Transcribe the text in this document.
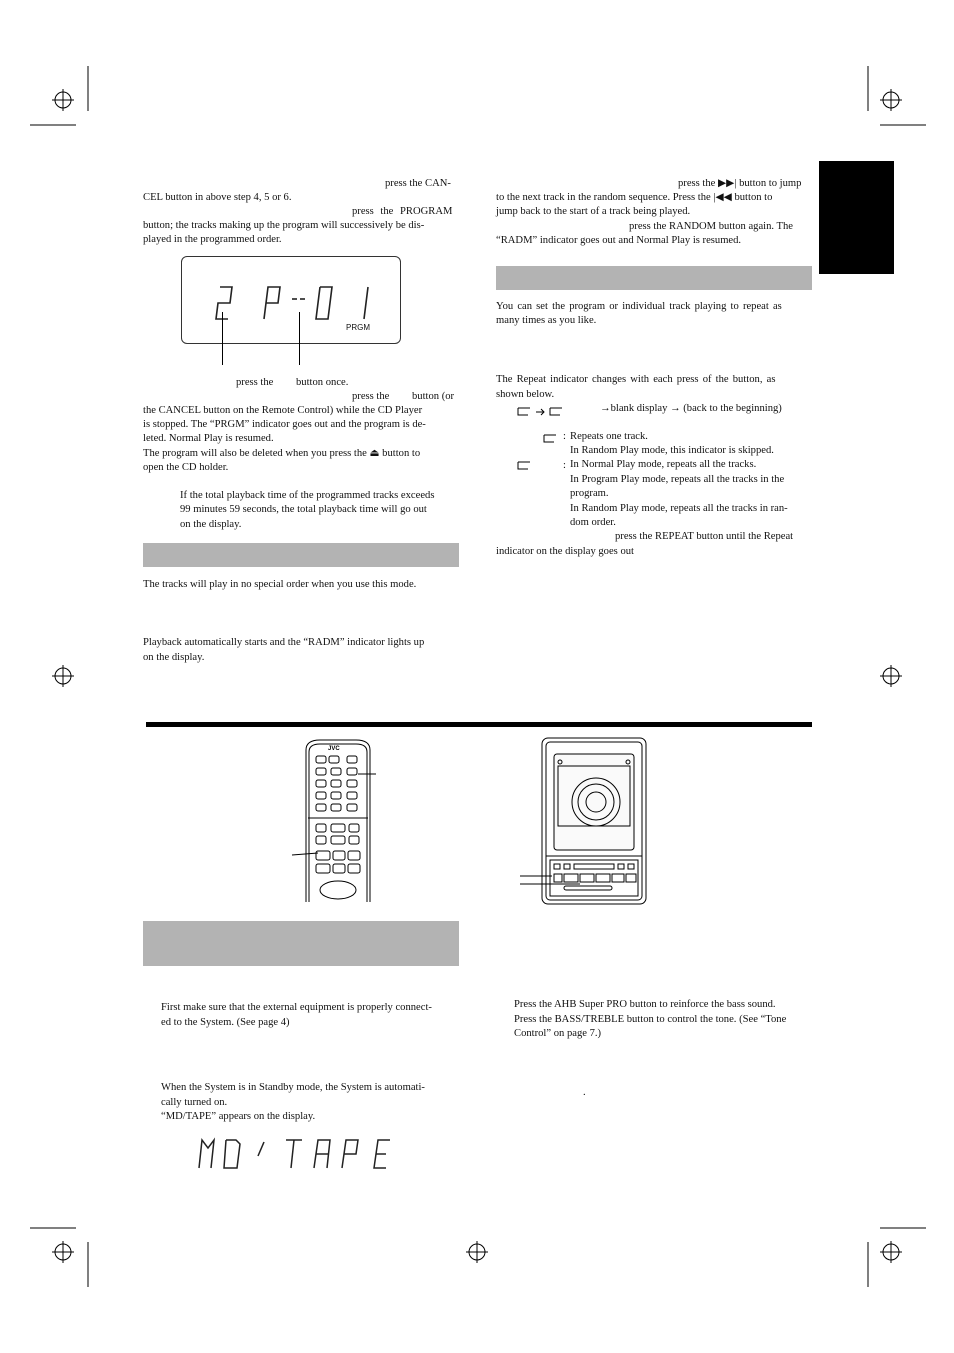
press the CAN-
CEL button in above step 4, 5 or 6.
press the PROGRAM
button; the tracks making up the program will successively be dis-
played in the programmed order.
PRGM
press the button once.
press the button (or
the CANCEL button on the Remote Control) while the CD Player
is stopped. The “PRGM” indicator goes out and the program is de-
leted. Normal Play is resumed.
The program will also be deleted when you press the ⏏ button to
open the CD holder.
If the total playback time of the programmed tracks exceeds
99 minutes 59 seconds, the total playback time will go out
on the display.
The tracks will play in no special order when you use this mode.
Playback automatically starts and the “RADM” indicator lights up
on the display.
press the ▶▶| button to jump
to the next track in the random sequence. Press the |◀◀ button to
jump back to the start of a track being played.
press the RANDOM button again. The
“RADM” indicator goes out and Normal Play is resumed.
You can set the program or individual track playing to repeat as
many times as you like.
The Repeat indicator changes with each press of the button, as
shown below.
→blank display → (back to the beginning)
:
:
Repeats one track.
In Random Play mode, this indicator is skipped.
In Normal Play mode, repeats all the tracks.
In Program Play mode, repeats all the tracks in the
program.
In Random Play mode, repeats all the tracks in ran-
dom order.
press the REPEAT button until the Repeat
indicator on the display goes out
JVC
First make sure that the external equipment is properly connect-
ed to the System. (See page 4)
When the System is in Standby mode, the System is automati-
cally turned on.
“MD/TAPE” appears on the display.
MD/TAPE
Press the AHB Super PRO button to reinforce the bass sound.
Press the BASS/TREBLE button to control the tone. (See “Tone
Control” on page 7.)
.
